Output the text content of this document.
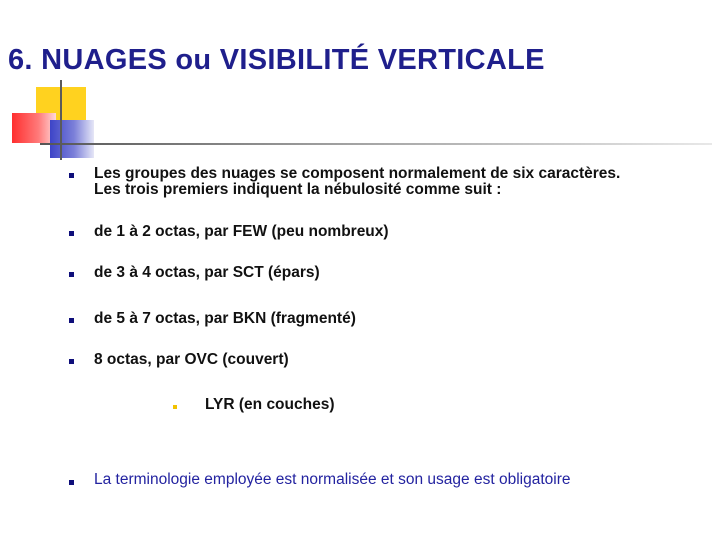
6. NUAGES ou VISIBILITÉ VERTICALE
Les groupes des nuages se composent normalement de six caractères.
Les trois premiers indiquent la nébulosité comme suit :
de 1 à 2 octas, par FEW (peu nombreux)
de 3 à 4 octas, par SCT (épars)
de 5 à 7 octas, par BKN (fragmenté)
8 octas, par OVC (couvert)
LYR (en couches)
La terminologie employée est normalisée et son usage est obligatoire
